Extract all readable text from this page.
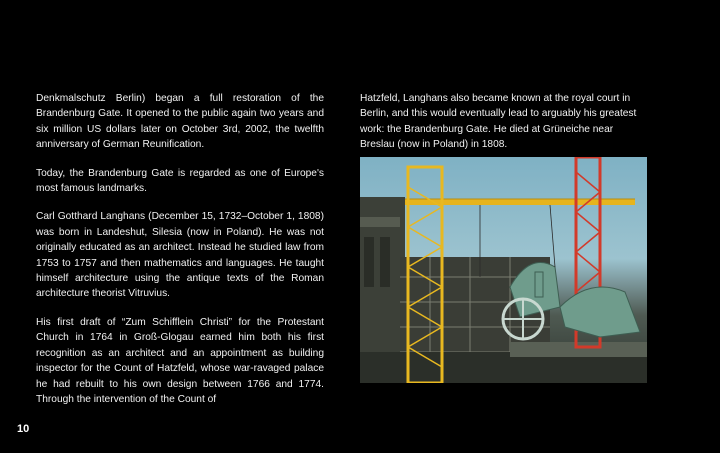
Denkmalschutz Berlin) began a full restoration of the Brandenburg Gate. It opened to the public again two years and six million US dollars later on October 3rd, 2002, the twelfth anniversary of German Reunification.

Today, the Brandenburg Gate is regarded as one of Europe's most famous landmarks.

Carl Gotthard Langhans (December 15, 1732–October 1, 1808) was born in Landeshut, Silesia (now in Poland). He was not originally educated as an architect. Instead he studied law from 1753 to 1757 and then mathematics and languages. He taught himself architecture using the antique texts of the Roman architecture theorist Vitruvius.

His first draft of “Zum Schifflein Christi” for the Protestant Church in 1764 in Groß-Glogau earned him both his first recognition as an architect and an appointment as building inspector for the Count of Hatzfeld, whose war-ravaged palace he had rebuilt to his own design between 1766 and 1774. Through the intervention of the Count of

Hatzfeld, Langhans also became known at the royal court in Berlin, and this would eventually lead to arguably his greatest work: the Brandenburg Gate. He died at Grüneiche near Breslau (now in Poland) in 1808.

10
